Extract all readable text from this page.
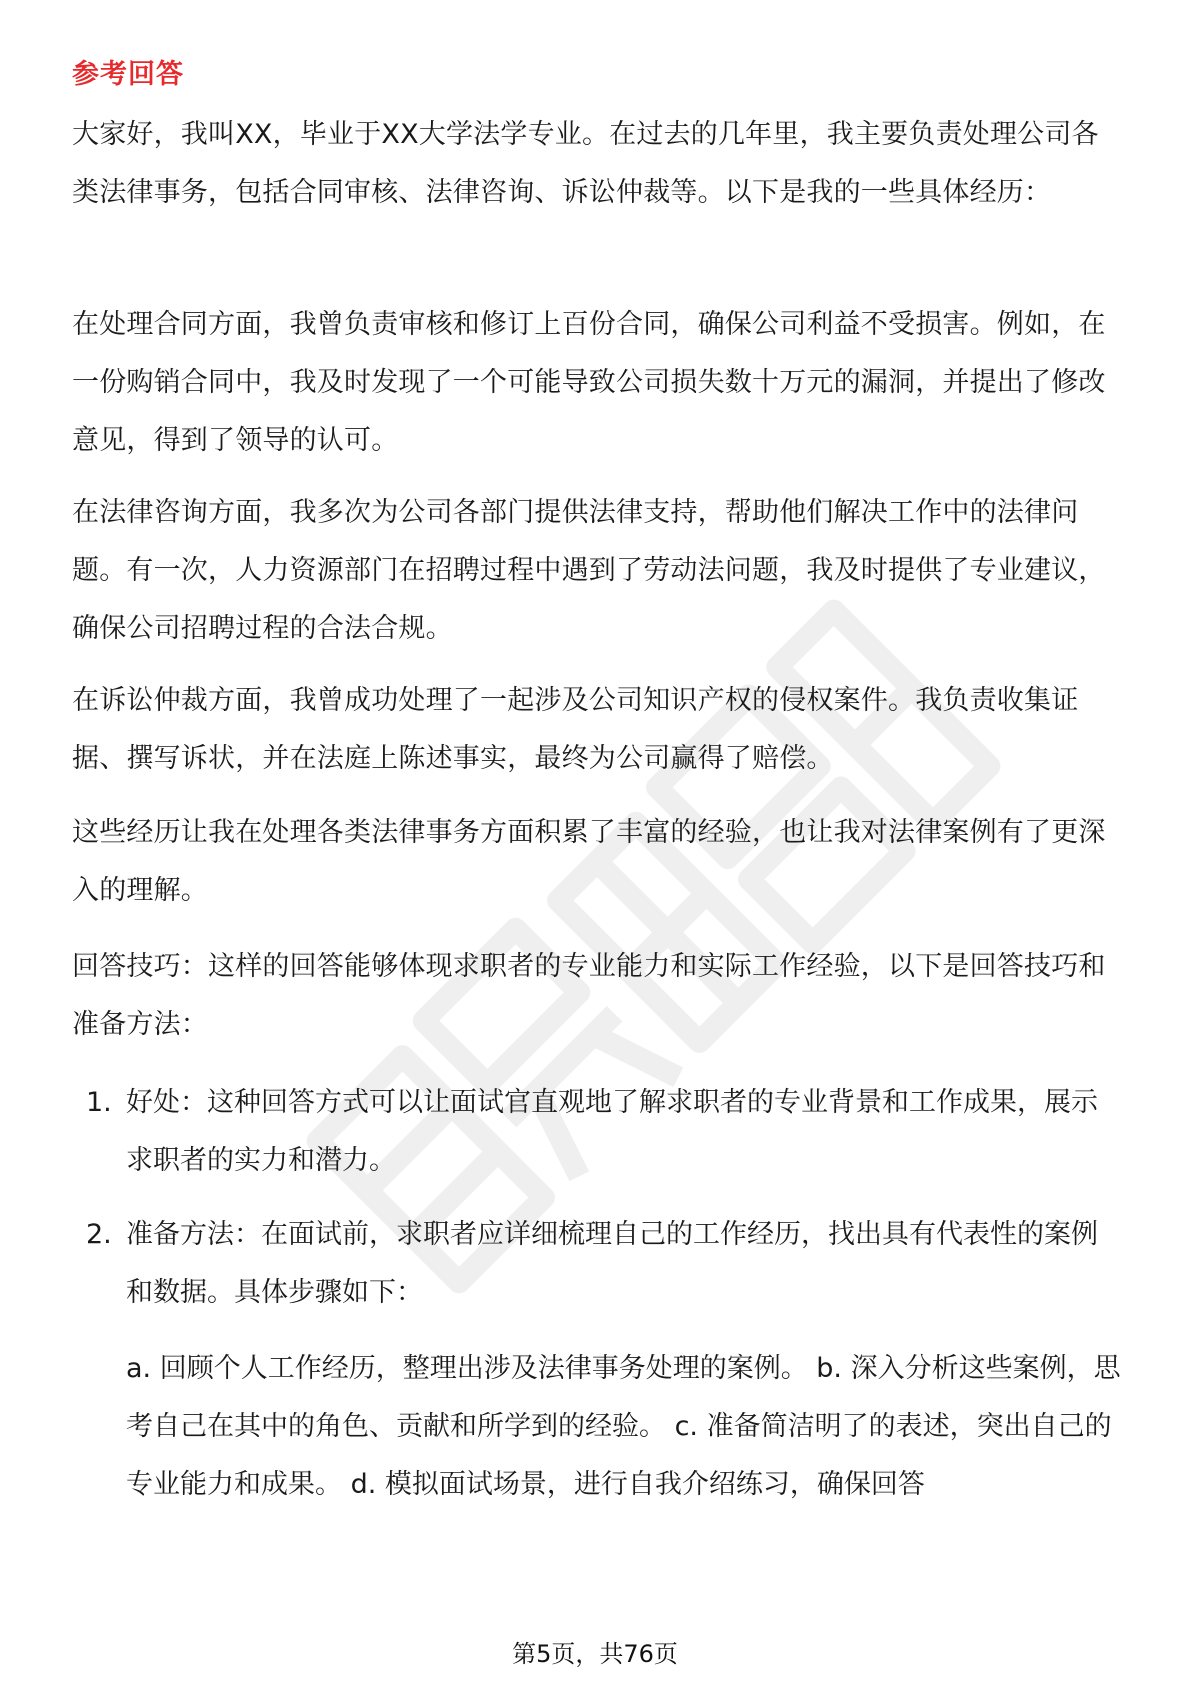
参考回答

大家好，我叫XX，毕业于XX大学法学专业。在过去的几年里，我主要负责处理公司各类法律事务，包括合同审核、法律咨询、诉讼仲裁等。以下是我的一些具体经历：

在处理合同方面，我曾负责审核和修订上百份合同，确保公司利益不受损害。例如，在一份购销合同中，我及时发现了一个可能导致公司损失数十万元的漏洞，并提出了修改意见，得到了领导的认可。

在法律咨询方面，我多次为公司各部门提供法律支持，帮助他们解决工作中的法律问题。有一次，人力资源部门在招聘过程中遇到了劳动法问题，我及时提供了专业建议，确保公司招聘过程的合法合规。

在诉讼仲裁方面，我曾成功处理了一起涉及公司知识产权的侵权案件。我负责收集证据、撰写诉状，并在法庭上陈述事实，最终为公司赢得了赔偿。

这些经历让我在处理各类法律事务方面积累了丰富的经验，也让我对法律案例有了更深入的理解。

回答技巧：这样的回答能够体现求职者的专业能力和实际工作经验，以下是回答技巧和准备方法：

1. 好处：这种回答方式可以让面试官直观地了解求职者的专业背景和工作成果，展示求职者的实力和潜力。
2. 准备方法：在面试前，求职者应详细梳理自己的工作经历，找出具有代表性的案例和数据。具体步骤如下：
a. 回顾个人工作经历，整理出涉及法律事务处理的案例。 b. 深入分析这些案例，思考自己在其中的角色、贡献和所学到的经验。 c. 准备简洁明了的表述，突出自己的专业能力和成果。 d. 模拟面试场景，进行自我介绍练习，确保回答
第5页，共76页
